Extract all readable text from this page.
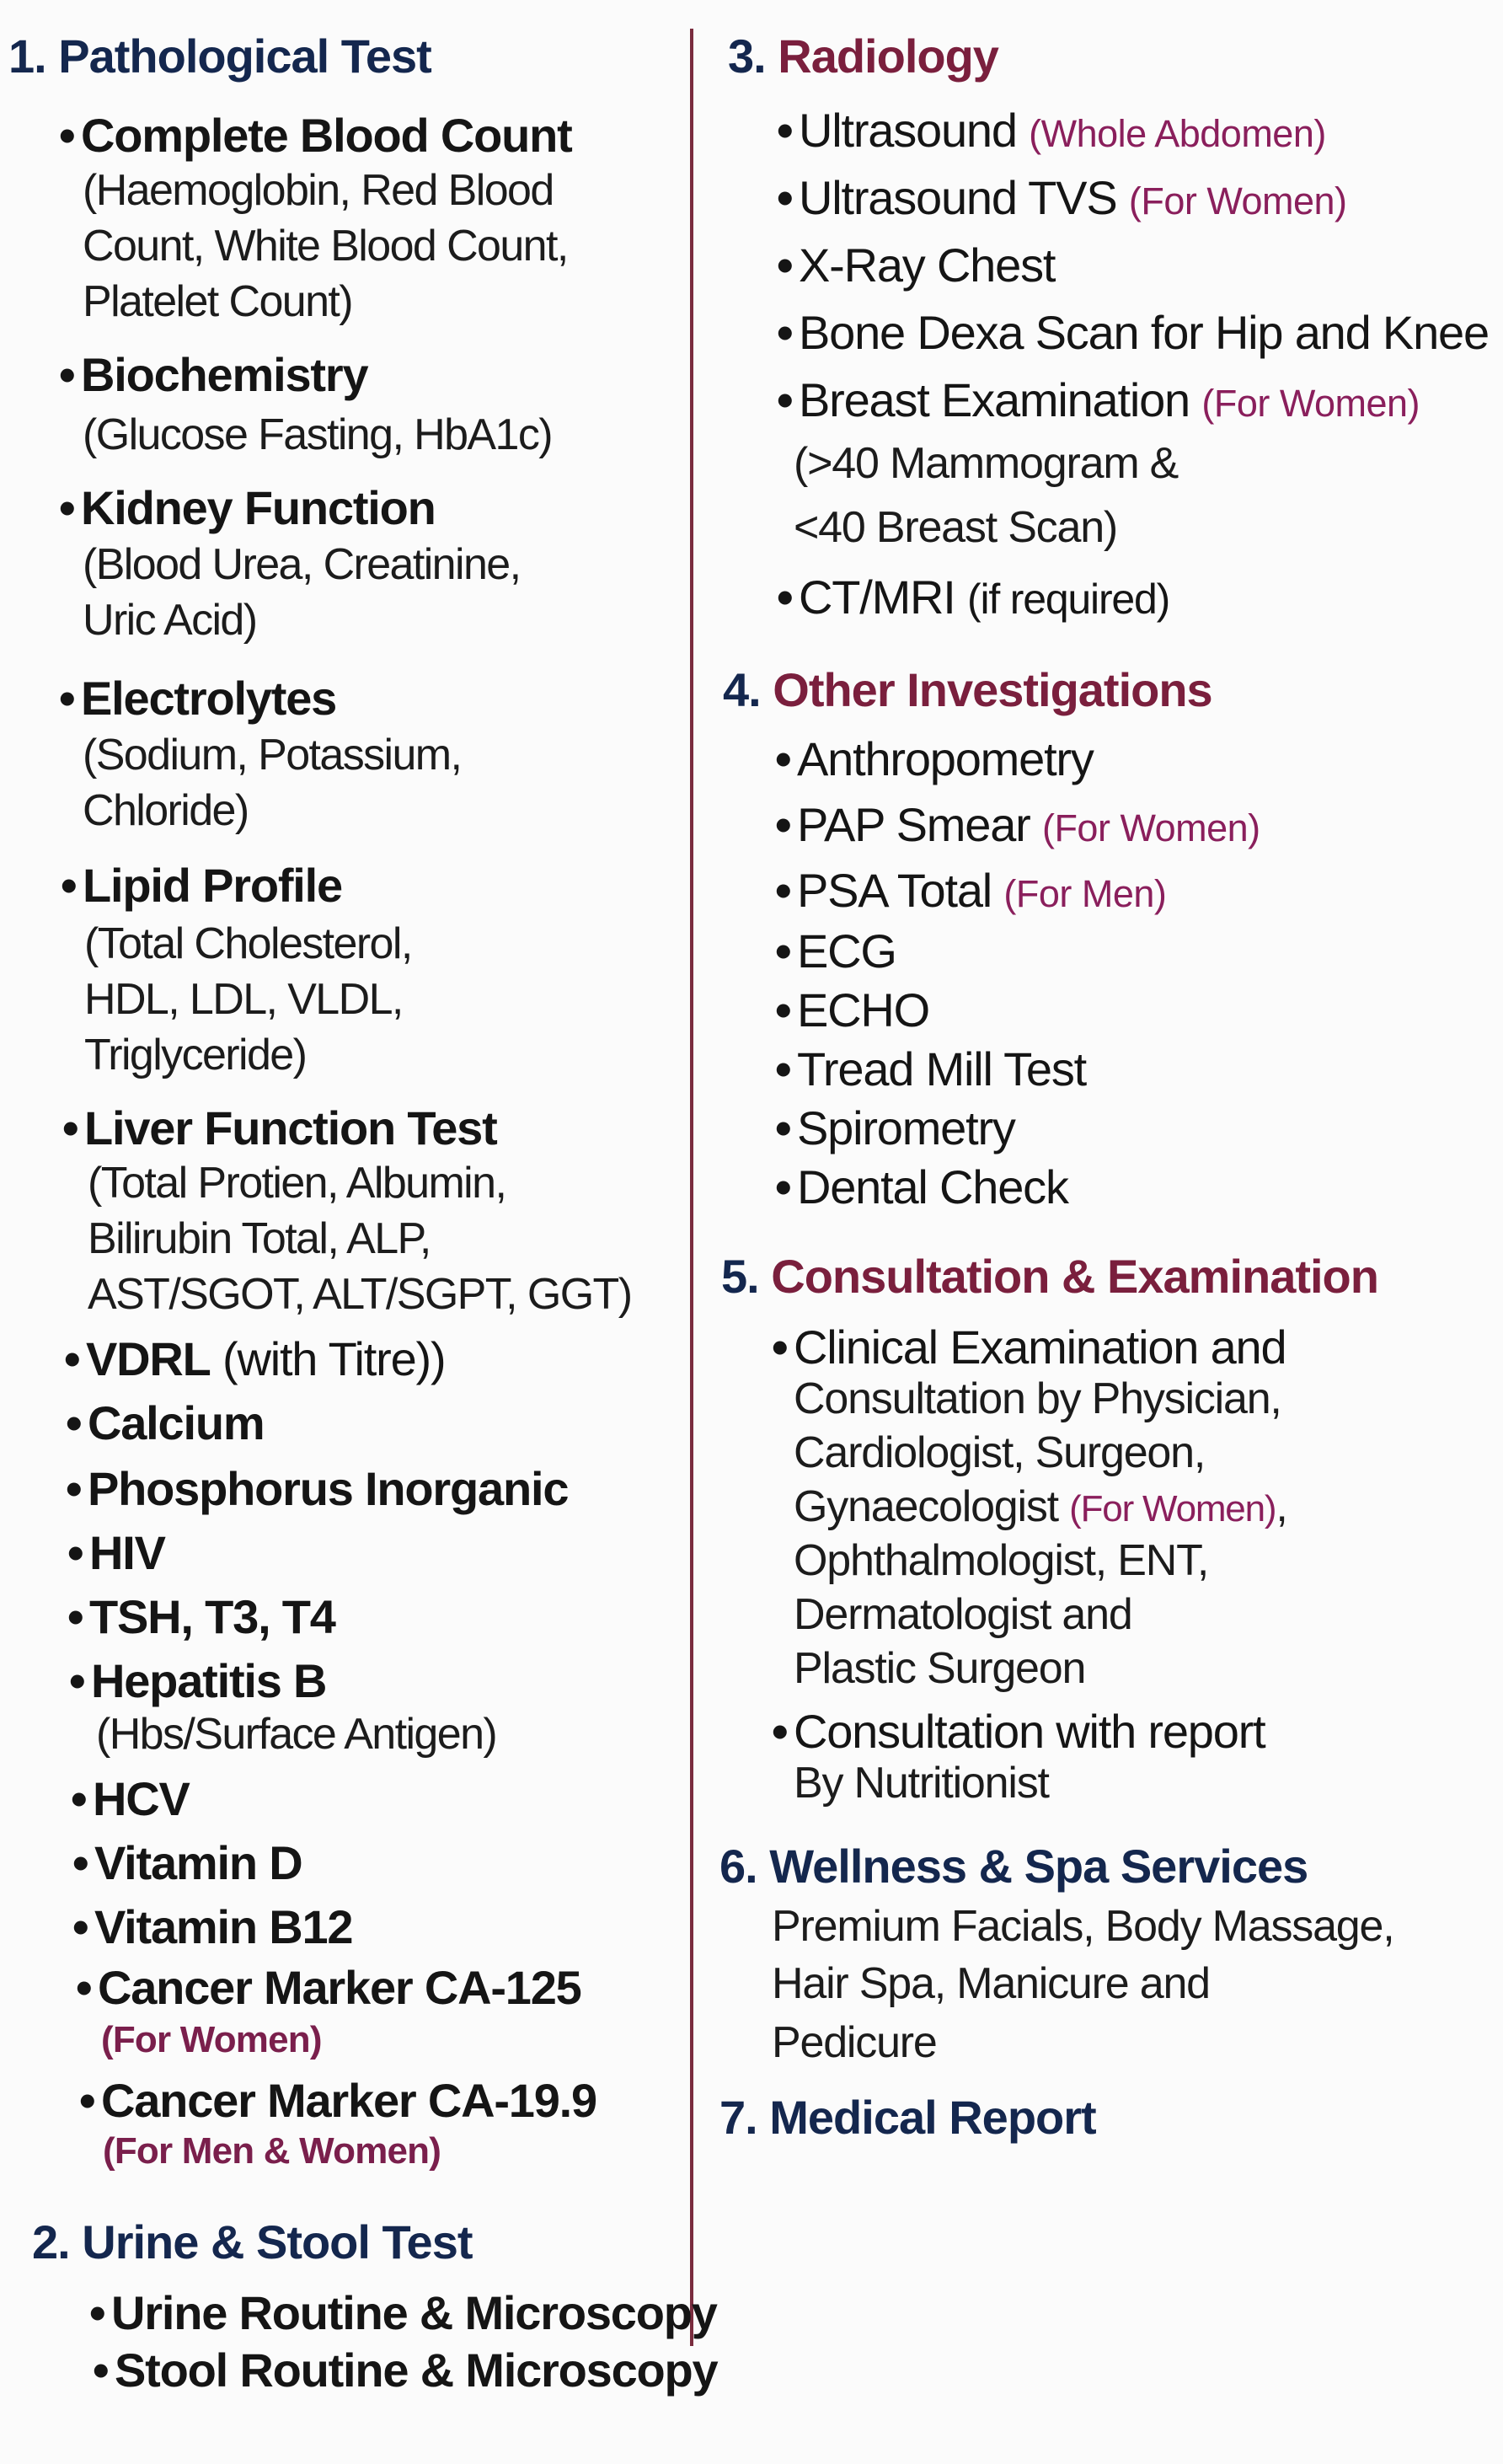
1. Pathological Test
• Complete Blood Count
(Haemoglobin, Red Blood
Count, White Blood Count,
Platelet Count)
• Biochemistry
(Glucose Fasting, HbA1c)
• Kidney Function
(Blood Urea, Creatinine,
Uric Acid)
• Electrolytes
(Sodium, Potassium,
Chloride)
• Lipid Profile
(Total Cholesterol,
HDL, LDL, VLDL,
Triglyceride)
• Liver Function Test
(Total Protien, Albumin,
Bilirubin Total, ALP,
AST/SGOT, ALT/SGPT, GGT)
• VDRL (with Titre))
• Calcium
• Phosphorus Inorganic
• HIV
• TSH, T3, T4
• Hepatitis B
(Hbs/Surface Antigen)
• HCV
• Vitamin D
• Vitamin B12
• Cancer Marker CA-125
(For Women)
• Cancer Marker CA-19.9
(For Men & Women)
2. Urine & Stool Test
• Urine Routine & Microscopy
• Stool Routine & Microscopy
3. Radiology
• Ultrasound (Whole Abdomen)
• Ultrasound TVS (For Women)
• X-Ray Chest
• Bone Dexa Scan for Hip and Knee
• Breast Examination (For Women)
(>40 Mammogram &
<40 Breast Scan)
• CT/MRI (if required)
4. Other Investigations
• Anthropometry
• PAP Smear (For Women)
• PSA Total (For Men)
• ECG
• ECHO
• Tread Mill Test
• Spirometry
• Dental Check
5. Consultation & Examination
• Clinical Examination and
Consultation by Physician,
Cardiologist, Surgeon,
Gynaecologist (For Women),
Ophthalmologist, ENT,
Dermatologist and
Plastic Surgeon
• Consultation with report
By Nutritionist
6. Wellness & Spa Services
Premium Facials, Body Massage,
Hair Spa, Manicure and
Pedicure
7. Medical Report
